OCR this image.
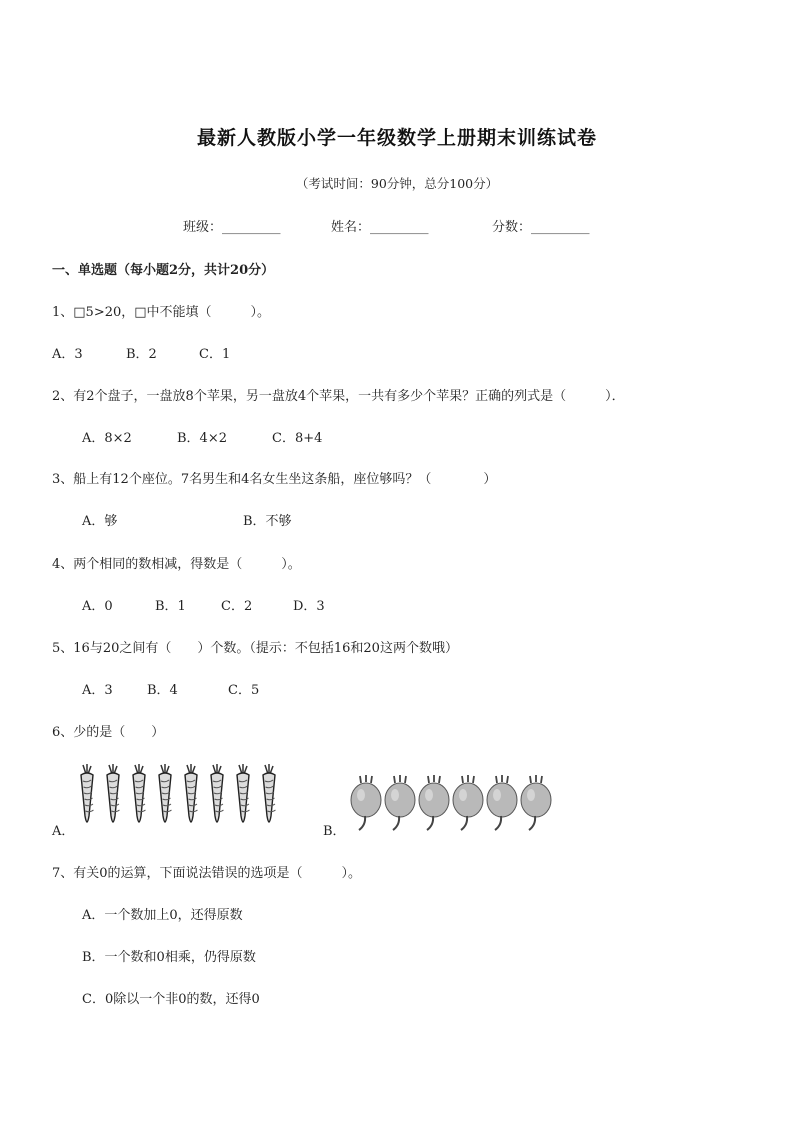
最新人教版小学一年级数学上册期末训练试卷
（考试时间：90分钟，总分100分）
班级：_________	姓名：_________	分数：_________
一、单选题（每小题2分，共计20分）
1、□5>20，□中不能填（　　　）。
A．3	B．2	C．1
2、有2个盘子，一盘放8个苹果，另一盘放4个苹果，一共有多少个苹果？正确的列式是（　　　）．
A．8×2	B．4×2	C．8+4
3、船上有12个座位。7名男生和4名女生坐这条船，座位够吗？（　　　　）
A．够	B．不够
4、两个相同的数相减，得数是（　　　）。
A．0	B．1	C．2	D．3
5、16与20之间有（　　）个数。（提示：不包括16和20这两个数哦）
A．3	B．4	C．5
6、少的是（　　）
A．	B．
7、有关0的运算，下面说法错误的选项是（　　　）。
A．一个数加上0，还得原数
B．一个数和0相乘，仍得原数
C．0除以一个非0的数，还得0
